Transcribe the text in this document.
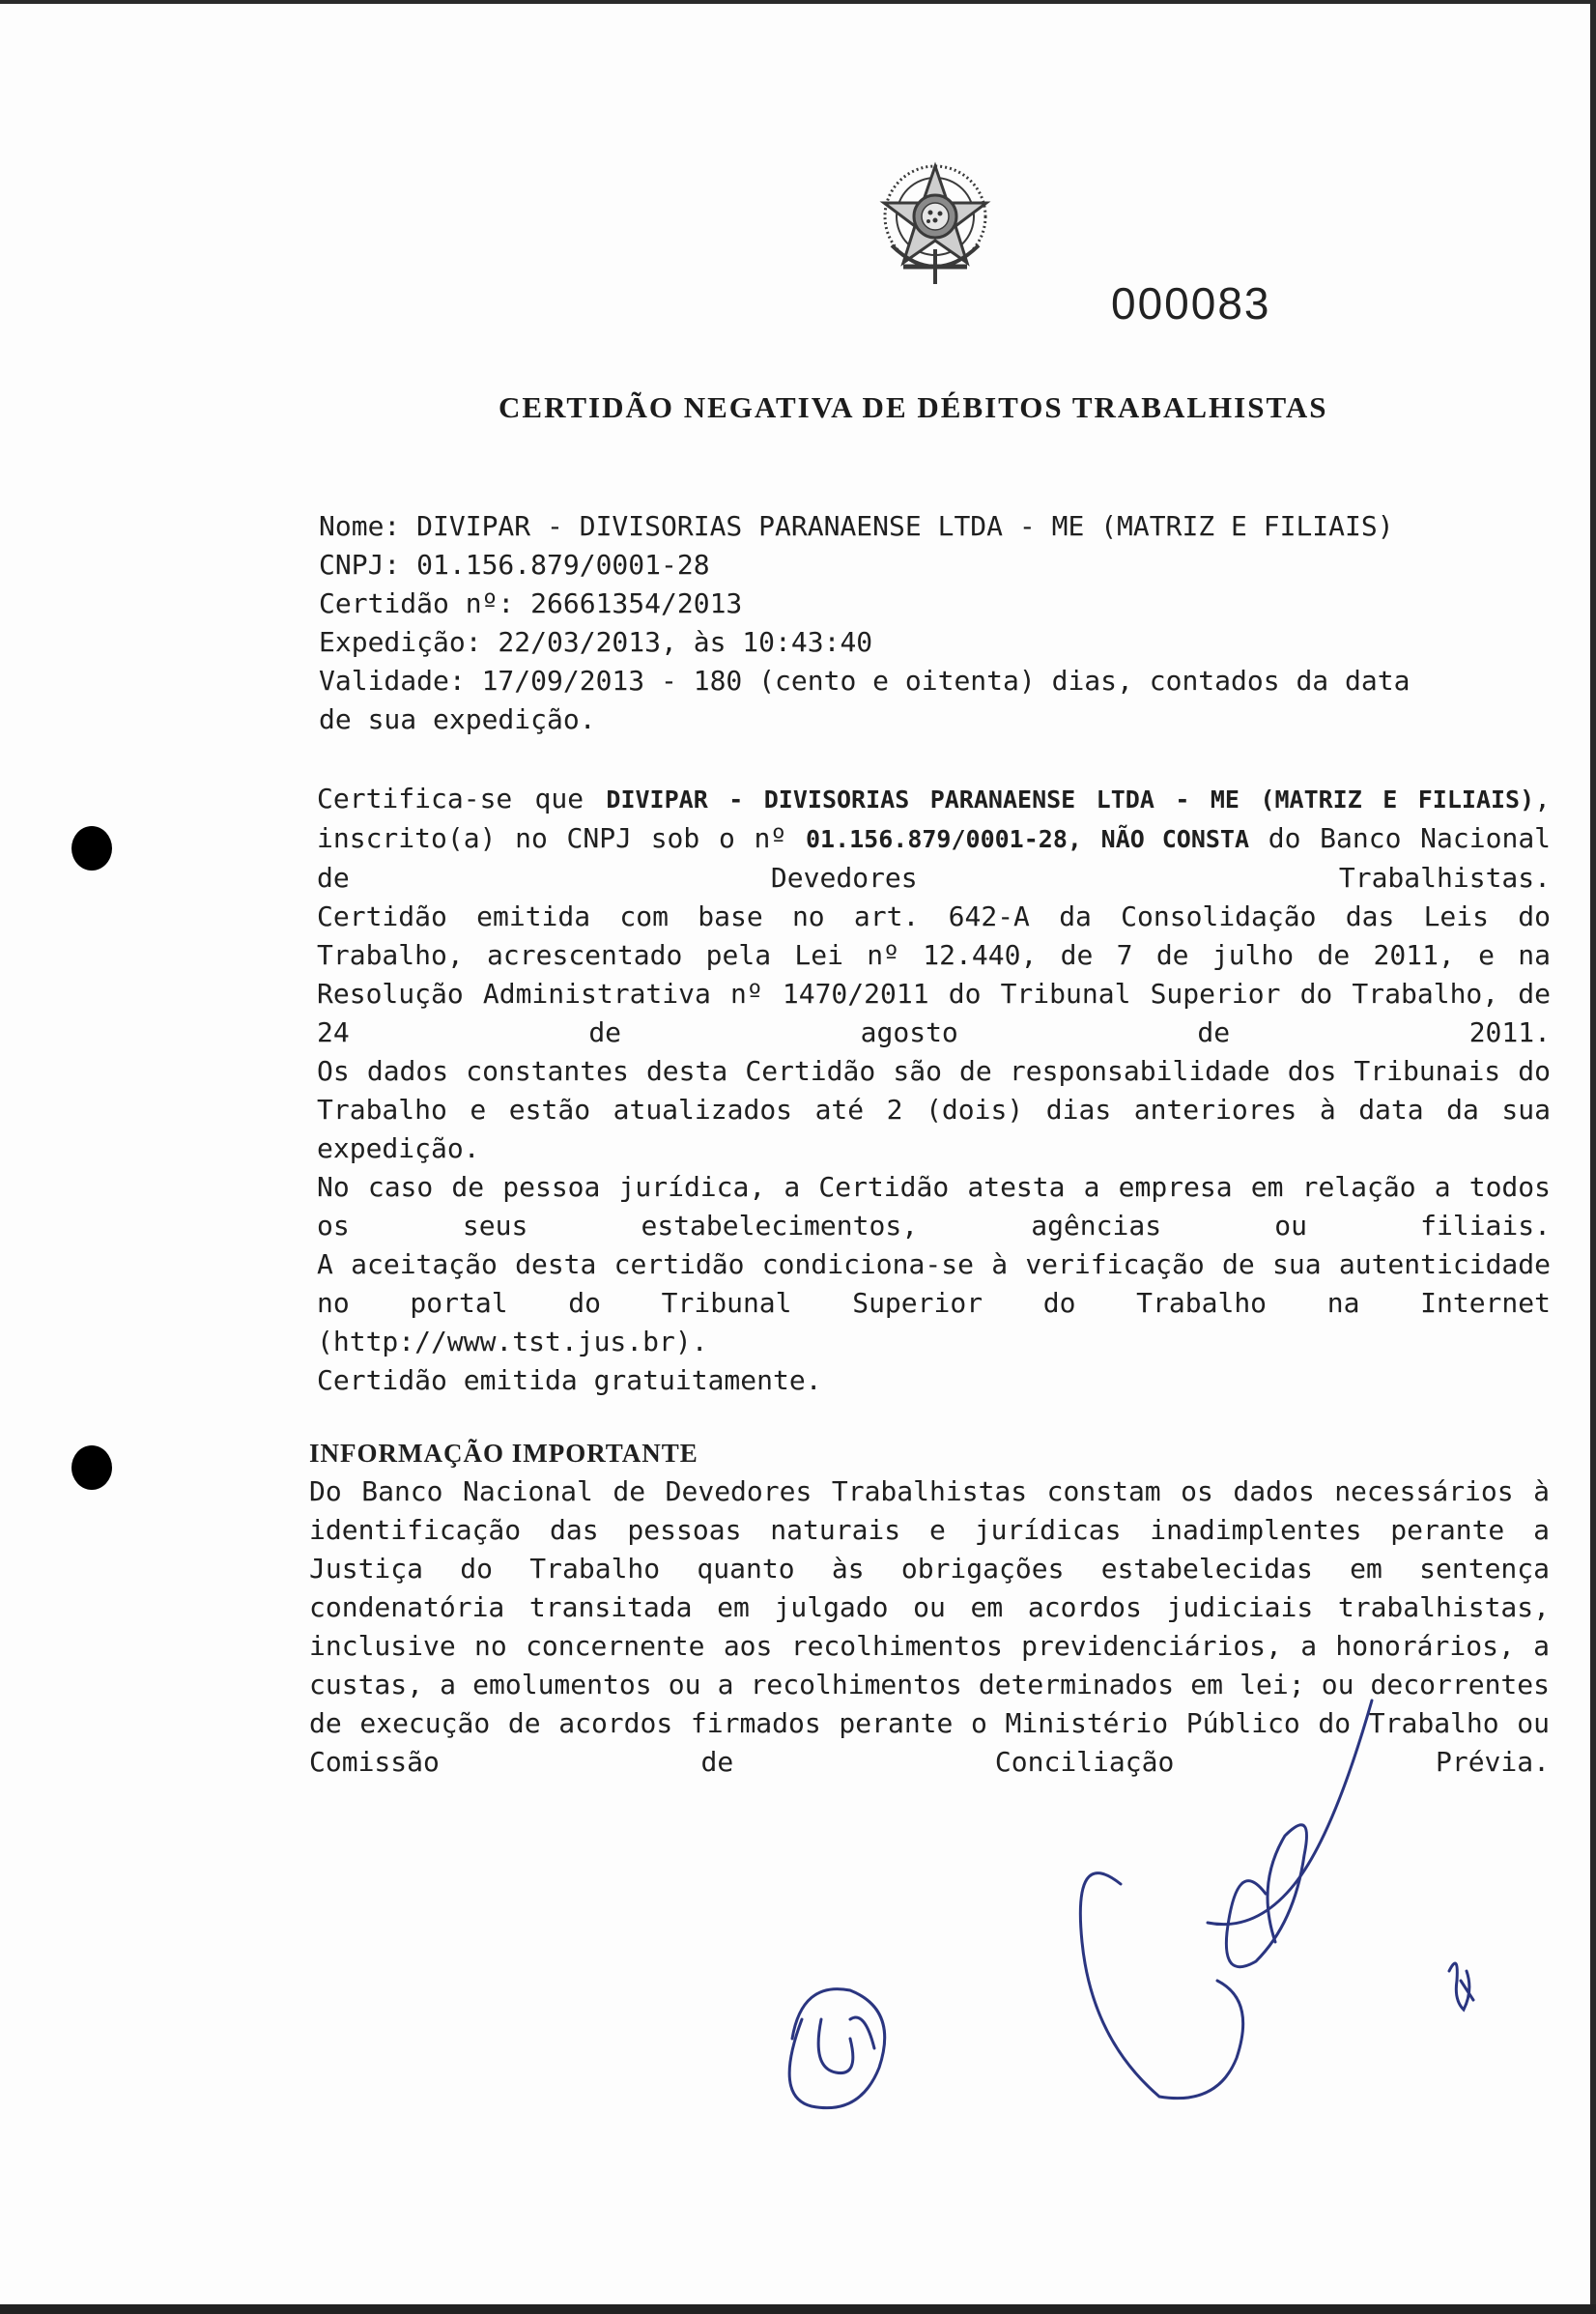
000083
CERTIDÃO NEGATIVA DE DÉBITOS TRABALHISTAS
Nome: DIVIPAR - DIVISORIAS PARANAENSE LTDA - ME (MATRIZ E FILIAIS)
CNPJ: 01.156.879/0001-28
Certidão nº: 26661354/2013
Expedição: 22/03/2013, às 10:43:40
Validade: 17/09/2013 - 180 (cento e oitenta) dias, contados da data
de sua expedição.
Certifica-se que DIVIPAR - DIVISORIAS PARANAENSE LTDA - ME (MATRIZ E FILIAIS), inscrito(a) no CNPJ sob o nº 01.156.879/0001-28, NÃO CONSTA do Banco Nacional de Devedores Trabalhistas.
Certidão emitida com base no art. 642-A da Consolidação das Leis do Trabalho, acrescentado pela Lei nº 12.440, de 7 de julho de 2011, e na Resolução Administrativa nº 1470/2011 do Tribunal Superior do Trabalho, de 24 de agosto de 2011.
Os dados constantes desta Certidão são de responsabilidade dos Tribunais do Trabalho e estão atualizados até 2 (dois) dias anteriores à data da sua expedição.
No caso de pessoa jurídica, a Certidão atesta a empresa em relação a todos os seus estabelecimentos, agências ou filiais.
A aceitação desta certidão condiciona-se à verificação de sua autenticidade no portal do Tribunal Superior do Trabalho na Internet (http://www.tst.jus.br).
Certidão emitida gratuitamente.
INFORMAÇÃO IMPORTANTE
Do Banco Nacional de Devedores Trabalhistas constam os dados necessários à identificação das pessoas naturais e jurídicas inadimplentes perante a Justiça do Trabalho quanto às obrigações estabelecidas em sentença condenatória transitada em julgado ou em acordos judiciais trabalhistas, inclusive no concernente aos recolhimentos previdenciários, a honorários, a custas, a emolumentos ou a recolhimentos determinados em lei; ou decorrentes de execução de acordos firmados perante o Ministério Público do Trabalho ou Comissão de Conciliação Prévia.
